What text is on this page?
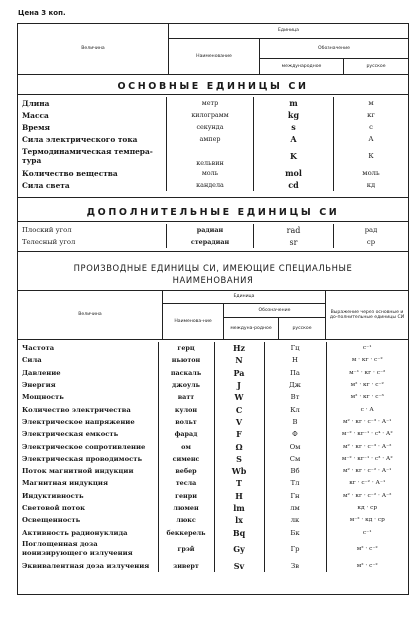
Цена 3 коп.
Величина	Единица		
	Наименование	Обозначение	
		международное	русское
ОСНОВНЫЕ ЕДИНИЦЫ СИ
Длина	метр	m	м
Масса	килограмм	kg	кг
Время	секунда	s	с
Сила электрического тока	ампер	A	А
Термодинамическая темпера-
тура	кельвин	K	К
Количество вещества	моль	mol	моль
Сила света	кандела	cd	кд
ДОПОЛНИТЕЛЬНЫЕ ЕДИНИЦЫ СИ
Плоский угол	радиан	rad	рад
Телесный угол	стерадиан	sr	ср
ПРОИЗВОДНЫЕ ЕДИНИЦЫ СИ, ИМЕЮЩИЕ СПЕЦИАЛЬНЫЕ
НАИМЕНОВАНИЯ
Величина	Единица			Выражение через основные и до-полнительные единицы СИ
	Наименова-ние	Обозначение		
		междуна-родное	русское	
Частота	герц	Hz	Гц	с⁻¹
Сила	ньютон	N	Н	м · кг · с⁻²
Давление	паскаль	Pa	Па	м⁻¹ · кг · с⁻²
Энергия	джоуль	J	Дж	м² · кг · с⁻²
Мощность	ватт	W	Вт	м² · кг · с⁻³
Количество электричества	кулон	C	Кл	с · А
Электрическое напряжение	вольт	V	В	м² · кг · с⁻³ · А⁻¹
Электрическая емкость	фарад	F	Ф	м⁻² · кг⁻¹ · с⁴ · А²
Электрическое сопротивление	ом	Ω	Ом	м² · кг · с⁻³ · А⁻²
Электрическая проводимость	сименс	S	См	м⁻² · кг⁻¹ · с³ · А²
Поток магнитной индукции	вебер	Wb	Вб	м² · кг · с⁻² · А⁻¹
Магнитная индукция	тесла	T	Тл	кг · с⁻² · А⁻¹
Индуктивность	генри	H	Гн	м² · кг · с⁻² · А⁻²
Световой поток	люмен	lm	лм	кд · ср
Освещенность	люкс	lx	лк	м⁻² · кд · ср
Активность радионуклида	беккерель	Bq	Бк	с⁻¹
Поглощенная доза
ионизирующего излучения	грэй	Gy	Гр	м² · с⁻²
Эквивалентная доза излучения	зиверт	Sv	Зв	м² · с⁻²
